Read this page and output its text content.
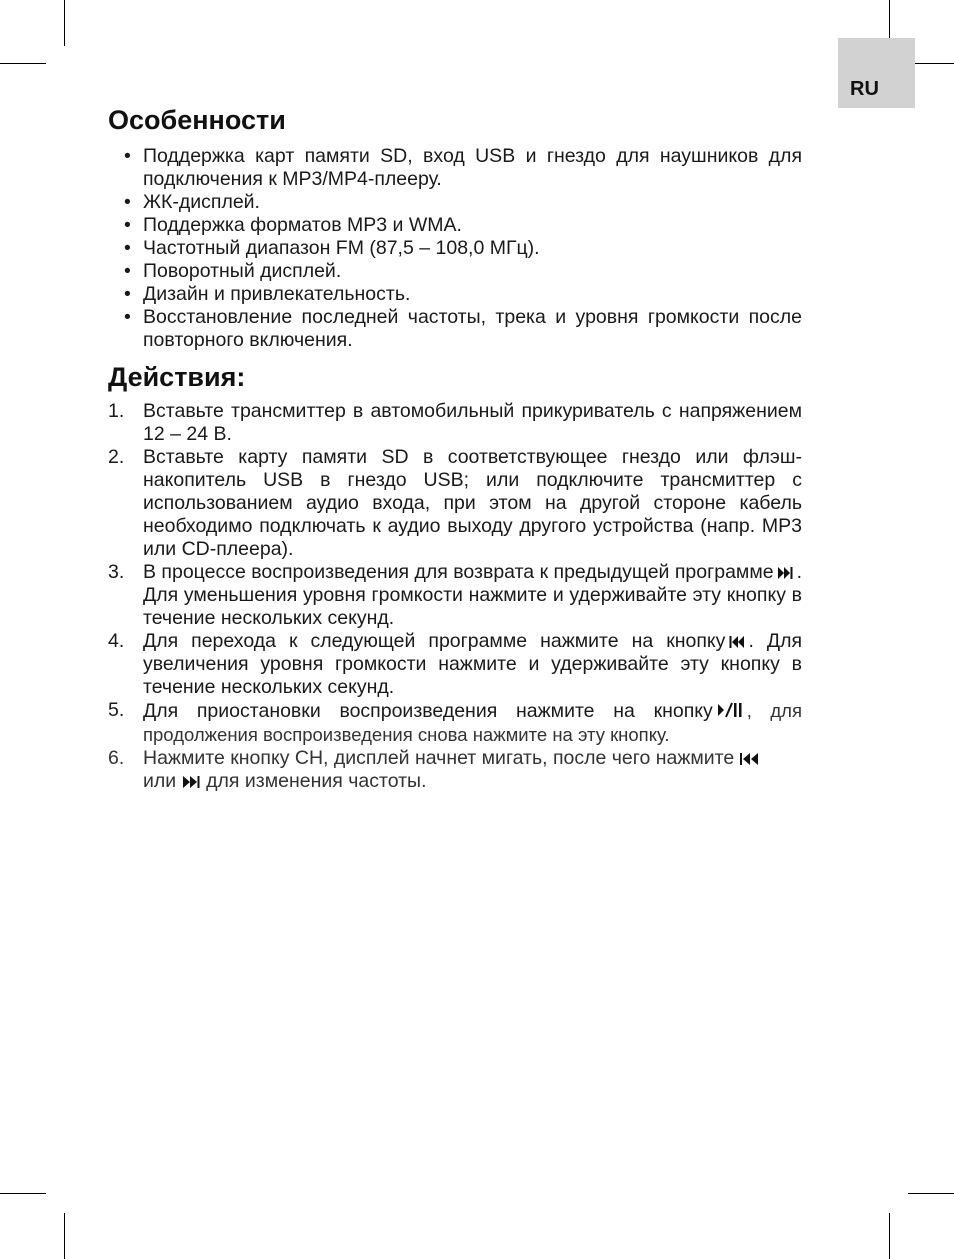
RU
Особенности
• Поддержка карт памяти SD, вход USB и гнездо для наушников для подключения к MP3/MP4-плееру.
• ЖК-дисплей.
• Поддержка форматов MP3 и WMA.
• Частотный диапазон FM (87,5 – 108,0 МГц).
• Поворотный дисплей.
• Дизайн и привлекательность.
• Восстановление последней частоты, трека и уровня громкости после повторного включения.
Действия:
1. Вставьте трансмиттер в автомобильный прикуриватель с напряжением 12 – 24 В.
2. Вставьте карту памяти SD в соответствующее гнездо или флэш-накопитель USB в гнездо USB; или подключите трансмиттер с использованием аудио входа, при этом на другой стороне кабель необходимо подключать к аудио выходу другого устройства (напр. MP3 или CD-плеера).
3. В процессе воспроизведения для возврата к предыдущей программе . Для уменьшения уровня громкости нажмите и удерживайте эту кнопку в течение нескольких секунд.
4. Для перехода к следующей программе нажмите на кнопку . Для увеличения уровня громкости нажмите и удерживайте эту кнопку в течение нескольких секунд.
5. Для приостановки воспроизведения нажмите на кнопку , для продолжения воспроизведения снова нажмите на эту кнопку.
6. Нажмите кнопку CH, дисплей начнет мигать, после чего нажмите

или для изменения частоты.
